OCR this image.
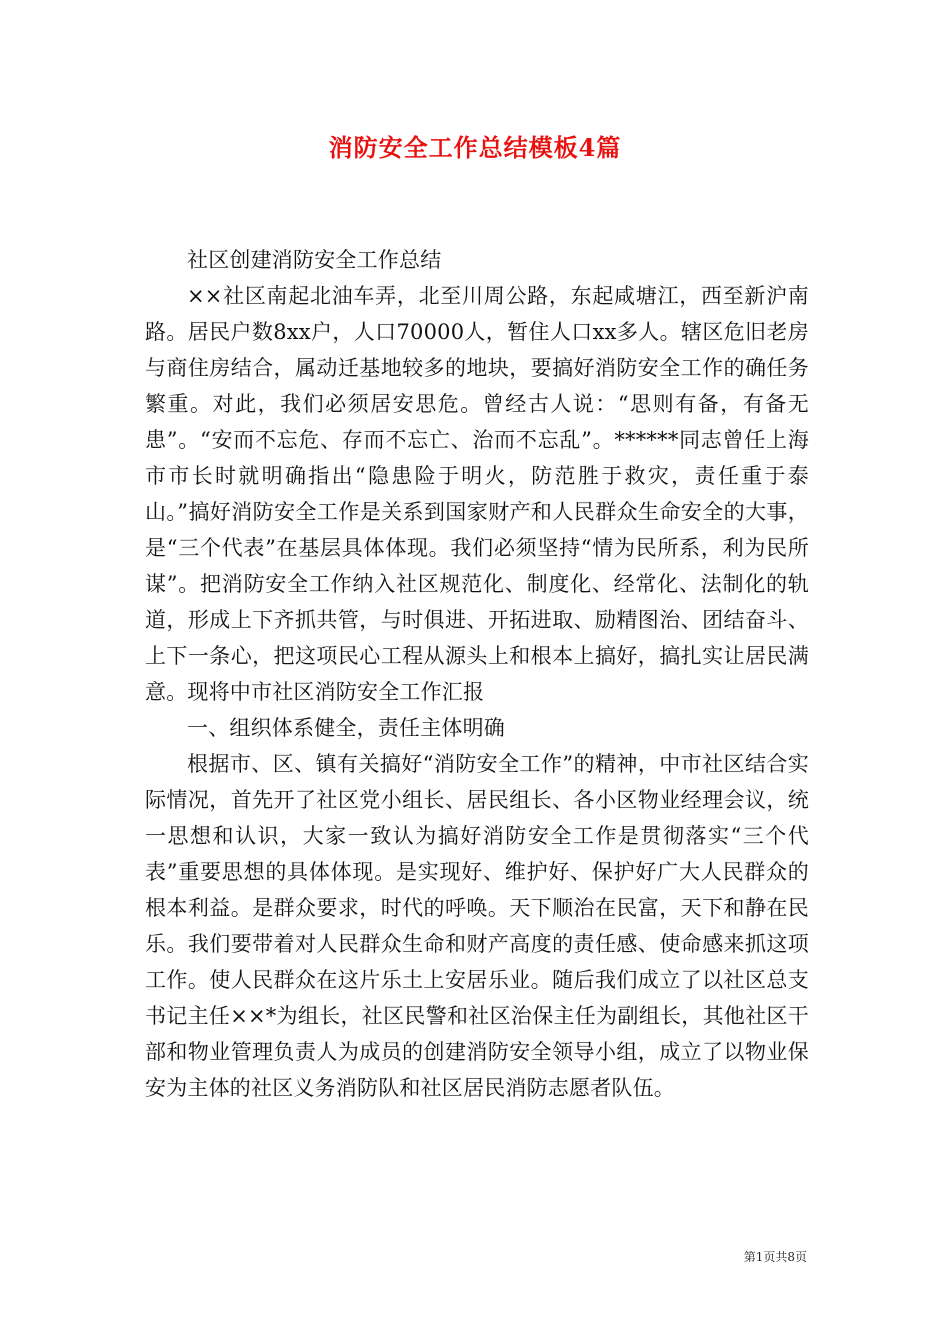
消防安全工作总结模板4篇

社区创建消防安全工作总结

××社区南起北油车弄，北至川周公路，东起咸塘江，西至新沪南路。居民户数8xx户，人口70000人，暂住人口xx多人。辖区危旧老房与商住房结合，属动迁基地较多的地块，要搞好消防安全工作的确任务繁重。对此，我们必须居安思危。曾经古人说：“思则有备，有备无患”。“安而不忘危、存而不忘亡、治而不忘乱”。******同志曾任上海市市长时就明确指出“隐患险于明火，防范胜于救灾，责任重于泰山。”搞好消防安全工作是关系到国家财产和人民群众生命安全的大事，是“三个代表”在基层具体体现。我们必须坚持“情为民所系，利为民所谋”。把消防安全工作纳入社区规范化、制度化、经常化、法制化的轨道，形成上下齐抓共管，与时俱进、开拓进取、励精图治、团结奋斗、上下一条心，把这项民心工程从源头上和根本上搞好，搞扎实让居民满意。现将中市社区消防安全工作汇报

一、组织体系健全，责任主体明确

根据市、区、镇有关搞好“消防安全工作”的精神，中市社区结合实际情况，首先开了社区党小组长、居民组长、各小区物业经理会议，统一思想和认识，大家一致认为搞好消防安全工作是贯彻落实“三个代表”重要思想的具体体现。是实现好、维护好、保护好广大人民群众的根本利益。是群众要求，时代的呼唤。天下顺治在民富，天下和静在民乐。我们要带着对人民群众生命和财产高度的责任感、使命感来抓这项工作。使人民群众在这片乐土上安居乐业。随后我们成立了以社区总支书记主任××*为组长，社区民警和社区治保主任为副组长，其他社区干部和物业管理负责人为成员的创建消防安全领导小组，成立了以物业保安为主体的社区义务消防队和社区居民消防志愿者队伍。

第1页共8页
